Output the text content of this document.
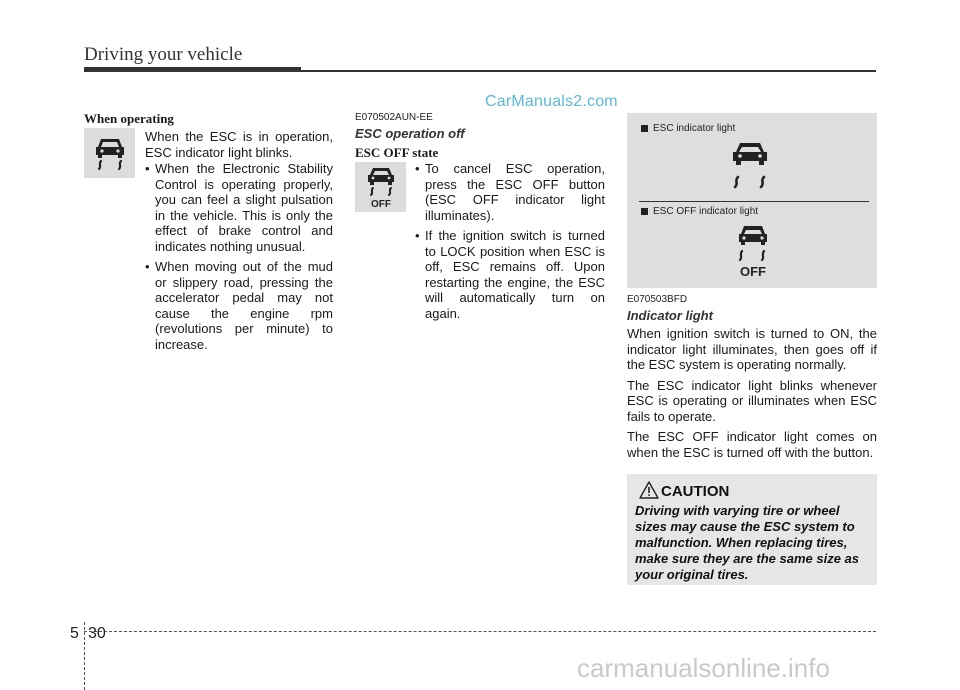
Driving your vehicle
CarManuals2.com
When operating
When the ESC is in operation, ESC indicator light blinks.
• When the Electronic Stability Control is operating properly, you can feel a slight pulsation in the vehicle. This is only the effect of brake control and indicates nothing unusual.
• When moving out of the mud or slippery road, pressing the accelerator pedal may not cause the engine rpm (revolutions per minute) to increase.
E070502AUN-EE
ESC operation off
ESC OFF state
OFF
• To cancel ESC operation, press the ESC OFF button (ESC OFF indicator light illuminates).
• If the ignition switch is turned to LOCK position when ESC is off, ESC remains off. Upon restarting the engine, the ESC will automatically turn on again.
ESC indicator light
ESC OFF indicator light
OFF
E070503BFD
Indicator light

When ignition switch is turned to ON, the indicator light illuminates, then goes off if the ESC system is operating normally.

The ESC indicator light blinks whenever ESC is operating or illuminates when ESC fails to operate.

The ESC OFF indicator light comes on when the ESC is turned off with the button.

CAUTION
Driving with varying tire or wheel sizes may cause the ESC system to malfunction. When replacing tires, make sure they are the same size as your original tires.
5 30
carmanualsonline.info
